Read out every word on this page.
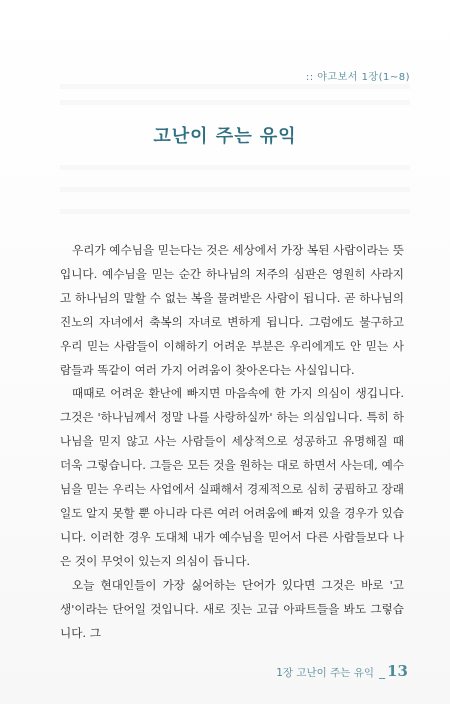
:: 야고보서 1장(1~8)
고난이 주는 유익

우리가 예수님을 믿는다는 것은 세상에서 가장 복된 사람이라는 뜻입니다. 예수님을 믿는 순간 하나님의 저주의 심판은 영원히 사라지고 하나님의 말할 수 없는 복을 물려받은 사람이 됩니다. 곧 하나님의 진노의 자녀에서 축복의 자녀로 변하게 됩니다. 그럼에도 불구하고 우리 믿는 사람들이 이해하기 어려운 부분은 우리에게도 안 믿는 사람들과 똑같이 여러 가지 어려움이 찾아온다는 사실입니다.

때때로 어려운 환난에 빠지면 마음속에 한 가지 의심이 생깁니다. 그것은 '하나님께서 정말 나를 사랑하실까' 하는 의심입니다. 특히 하나님을 믿지 않고 사는 사람들이 세상적으로 성공하고 유명해질 때 더욱 그렇습니다. 그들은 모든 것을 원하는 대로 하면서 사는데, 예수님을 믿는 우리는 사업에서 실패해서 경제적으로 심히 궁핍하고 장래 일도 알지 못할 뿐 아니라 다른 여러 어려움에 빠져 있을 경우가 있습니다. 이러한 경우 도대체 내가 예수님을 믿어서 다른 사람들보다 나은 것이 무엇이 있는지 의심이 듭니다.

오늘 현대인들이 가장 싫어하는 단어가 있다면 그것은 바로 '고생'이라는 단어일 것입니다. 새로 짓는 고급 아파트들을 봐도 그렇습니다. 그

1장 고난이 주는 유익 _ 13
